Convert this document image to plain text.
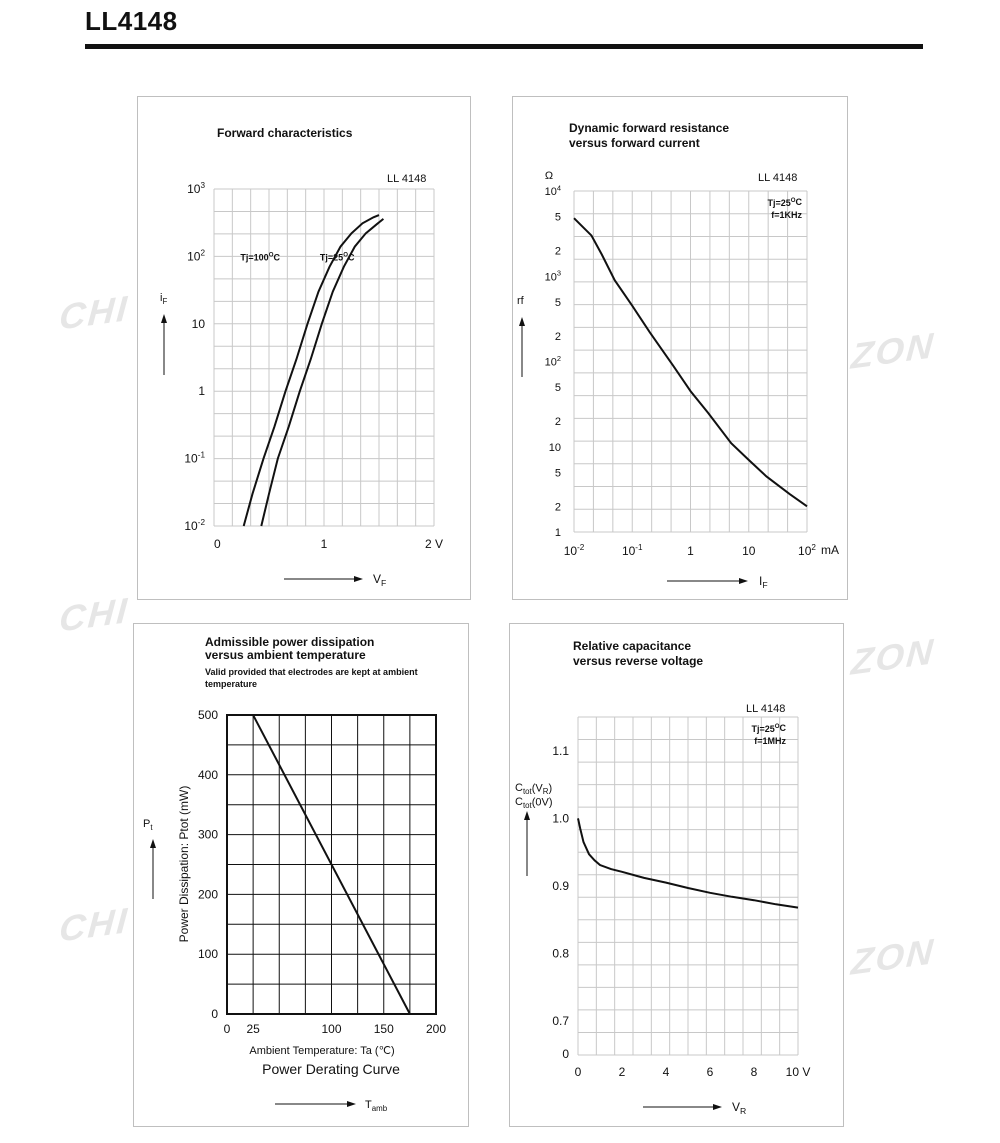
CHI
CHI
CHI
ZON
ZON
ZON
LL4148
Forward characteristics
LL 4148
$10^{-2}$
$10^{-1}$
1
10
$10^2$
$10^3$
0	1	2 V
$i_F$
$V_F$
$Tj=100^OC$	$Tj=25^OC$
Dynamic forward resistance
versus forward current
LL 4148
$Tj=25^OC$
f=1KHz
Ω
1
2
5
10
2
5
$10^2$
2
5
$10^3$
2
5
$10^4$
$10^{-2}$	$10^{-1}$	1	10	$10^2$ mA
rf
$I_F$
Admissible power dissipation
versus ambient temperature
Valid provided that electrodes are kept at ambient
temperature
0
100
200
300
400
500
0 25	100	150	200
Power Dissipation: Ptot (mW)
Ambient Temperature: Ta (℃)
Power Derating Curve
$P_t$
$T_{amb}$
Relative capacitance
versus reverse voltage
LL 4148
$Tj=25^OC$
f=1MHz
1.1
1.0
0.9
0.8
0.7
0
0	2	4	6	8 10 V
$C_{tot}(V_R)$
$C_{tot}(0V)$
$V_R$
